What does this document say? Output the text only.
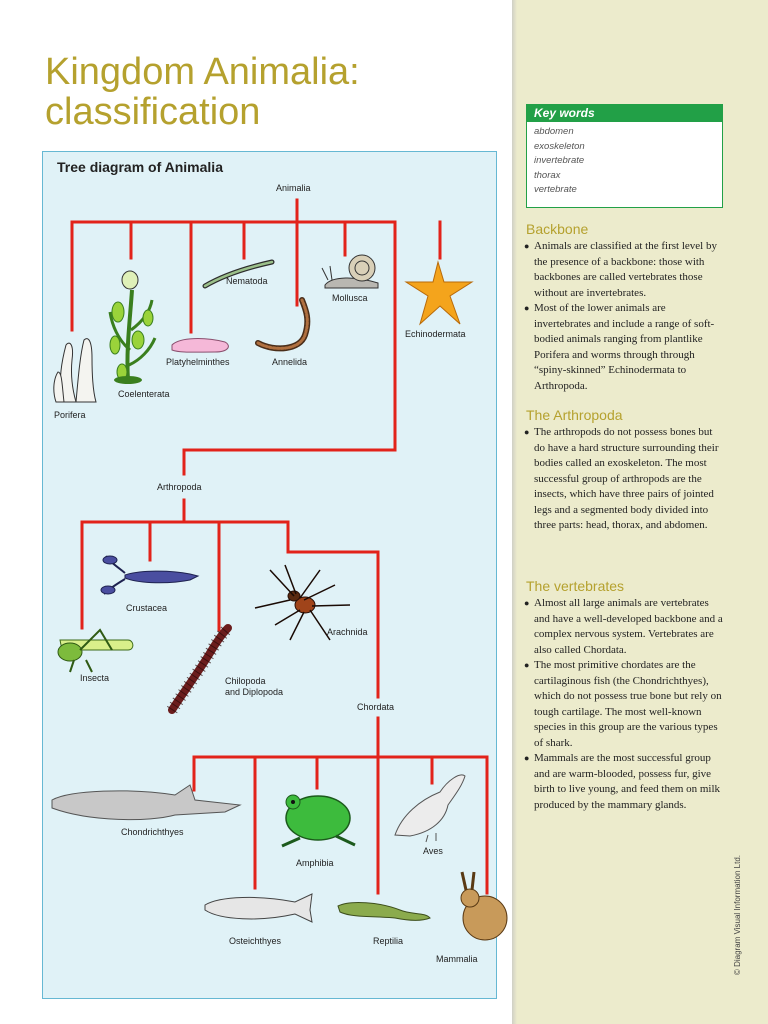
Kingdom Animalia: classification
Tree diagram of Animalia
Animalia
Nematoda
Mollusca
Echinodermata
Platyhelminthes	Annelida
Coelenterata
Porifera
Arthropoda
Crustacea
Arachnida
Insecta	Chilopoda
and Diplopoda
Chordata
Chondrichthyes
Amphibia
Aves
Osteichthyes	Reptilia
Mammalia
Key words
abdomen
exoskeleton
invertebrate
thorax
vertebrate
Backbone
● Animals are classified at the first level by the presence of a backbone: those with backbones are called vertebrates those without are invertebrates.
● Most of the lower animals are invertebrates and include a range of soft-bodied animals ranging from plantlike Porifera and worms through through “spiny-skinned” Echinodermata to Arthropoda.
The Arthropoda
● The arthropods do not possess bones but do have a hard structure surrounding their bodies called an exoskeleton. The most successful group of arthropods are the insects, which have three pairs of jointed legs and a segmented body divided into three parts: head, thorax, and abdomen.
The vertebrates
● Almost all large animals are vertebrates and have a well-developed backbone and a complex nervous system. Vertebrates are also called Chordata.
● The most primitive chordates are the cartilaginous fish (the Chondrichthyes), which do not possess true bone but rely on tough cartilage. The most well-known species in this group are the various types of shark.
● Mammals are the most successful group and are warm-blooded, possess fur, give birth to live young, and feed them on milk produced by the mammary glands.
© Diagram Visual Information Ltd.
